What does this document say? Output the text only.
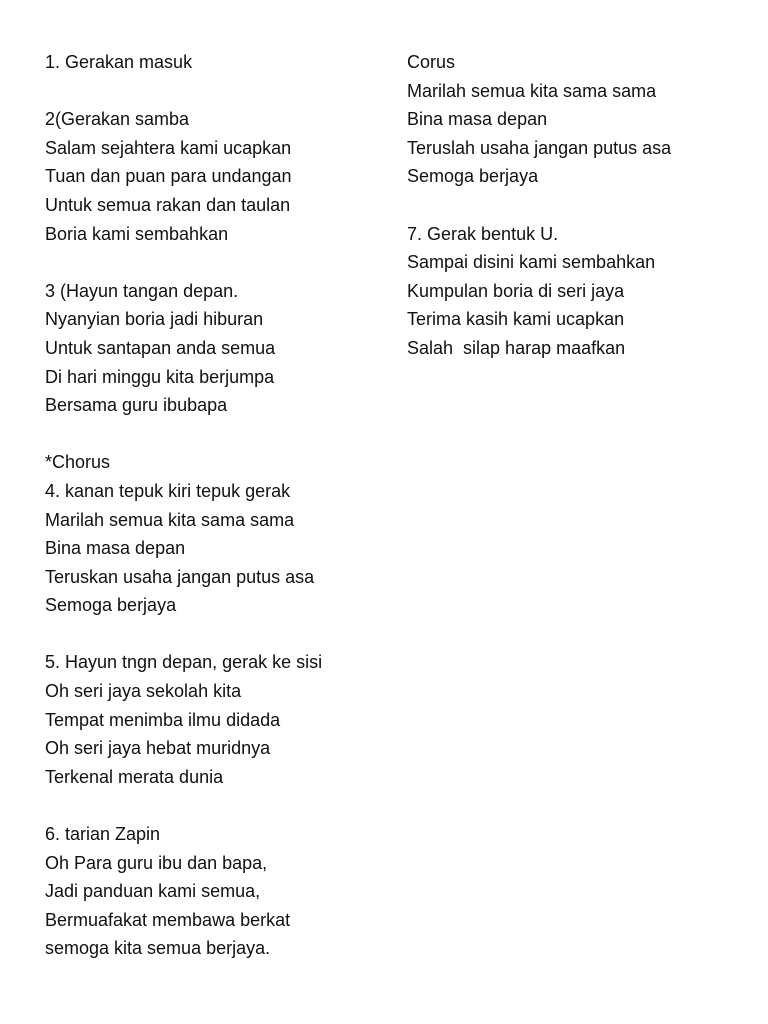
1. Gerakan masuk
2(Gerakan samba
Salam sejahtera kami ucapkan
Tuan dan puan para undangan
Untuk semua rakan dan taulan
Boria kami sembahkan
3 (Hayun tangan depan.
Nyanyian boria jadi hiburan
Untuk santapan anda semua
Di hari minggu kita berjumpa
Bersama guru ibubapa
*Chorus
4. kanan tepuk kiri tepuk gerak
Marilah semua kita sama sama
Bina masa depan
Teruskan usaha jangan putus asa
Semoga berjaya
5. Hayun tngn depan, gerak ke sisi
Oh seri jaya sekolah kita
Tempat menimba ilmu didada
Oh seri jaya hebat muridnya
Terkenal merata dunia
6. tarian Zapin
Oh Para guru ibu dan bapa,
Jadi panduan kami semua,
Bermuafakat membawa berkat
semoga kita semua berjaya.
Corus
Marilah semua kita sama sama
Bina masa depan
Teruslah usaha jangan putus asa
Semoga berjaya
7. Gerak bentuk U.
Sampai disini kami sembahkan
Kumpulan boria di seri jaya
Terima kasih kami ucapkan
Salah  silap harap maafkan
